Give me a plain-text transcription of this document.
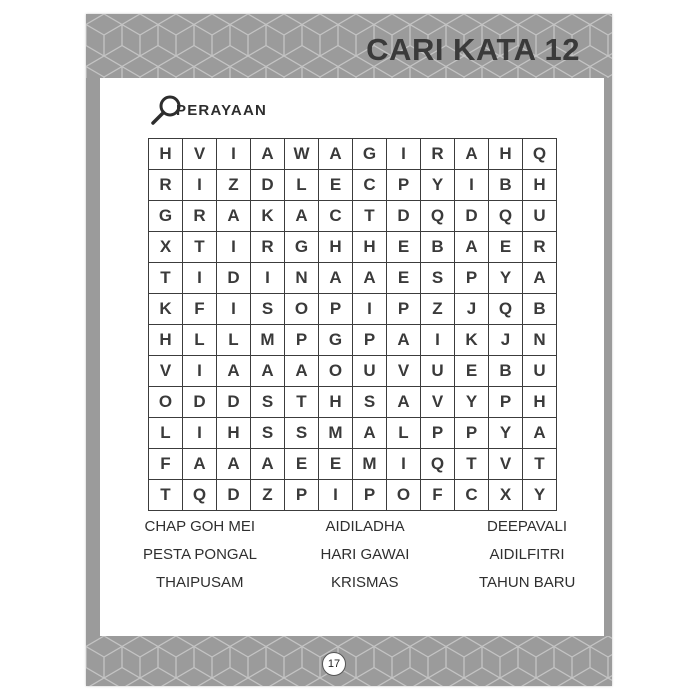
CARI KATA 12
PERAYAAN
H	V	I	A	W	A	G	I	R	A	H	Q
R	I	Z	D	L	E	C	P	Y	I	B	H
G	R	A	K	A	C	T	D	Q	D	Q	U
X	T	I	R	G	H	H	E	B	A	E	R
T	I	D	I	N	A	A	E	S	P	Y	A
K	F	I	S	O	P	I	P	Z	J	Q	B
H	L	L	M	P	G	P	A	I	K	J	N
V	I	A	A	A	O	U	V	U	E	B	U
O	D	D	S	T	H	S	A	V	Y	P	H
L	I	H	S	S	M	A	L	P	P	Y	A
F	A	A	A	E	E	M	I	Q	T	V	T
T	Q	D	Z	P	I	P	O	F	C	X	Y
CHAP GOH MEI	AIDILADHA	DEEPAVALI
PESTA PONGAL	HARI GAWAI	AIDILFITRI
THAIPUSAM	KRISMAS	TAHUN BARU
17
